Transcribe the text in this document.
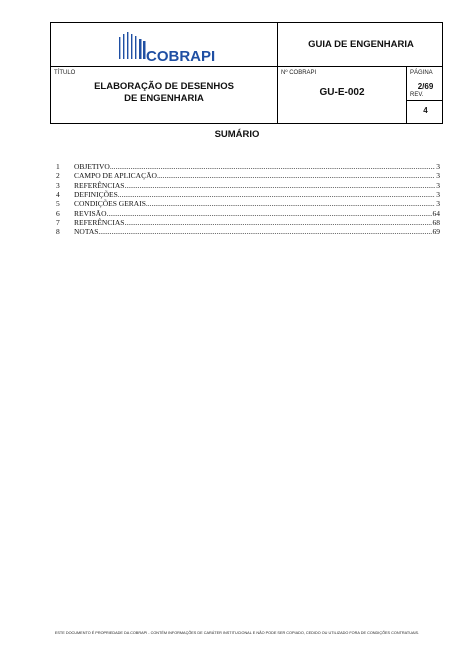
COBRAPI
GUIA DE ENGENHARIA
TÍTULO
ELABORAÇÃO DE DESENHOS
DE ENGENHARIA
Nº COBRAPI
GU-E-002
PÁGINA
2/69
REV.
4
SUMÁRIO
1	OBJETIVO .....	3
2	CAMPO DE APLICAÇÃO .....	3
3	REFERÊNCIAS .....	3
4	DEFINIÇÕES .....	3
5	CONDIÇÕES GERAIS .....	3
6	REVISÃO .....	64
7	REFERÊNCIAS .....	68
8	NOTAS .....	69
ESTE DOCUMENTO É PROPRIEDADE DA COBRAPI - CONTÉM INFORMAÇÕES DE CARÁTER INSTITUCIONAL E NÃO PODE SER COPIADO, CEDIDO OU UTILIZADO FORA DE CONDIÇÕES CONTRATUAIS.
